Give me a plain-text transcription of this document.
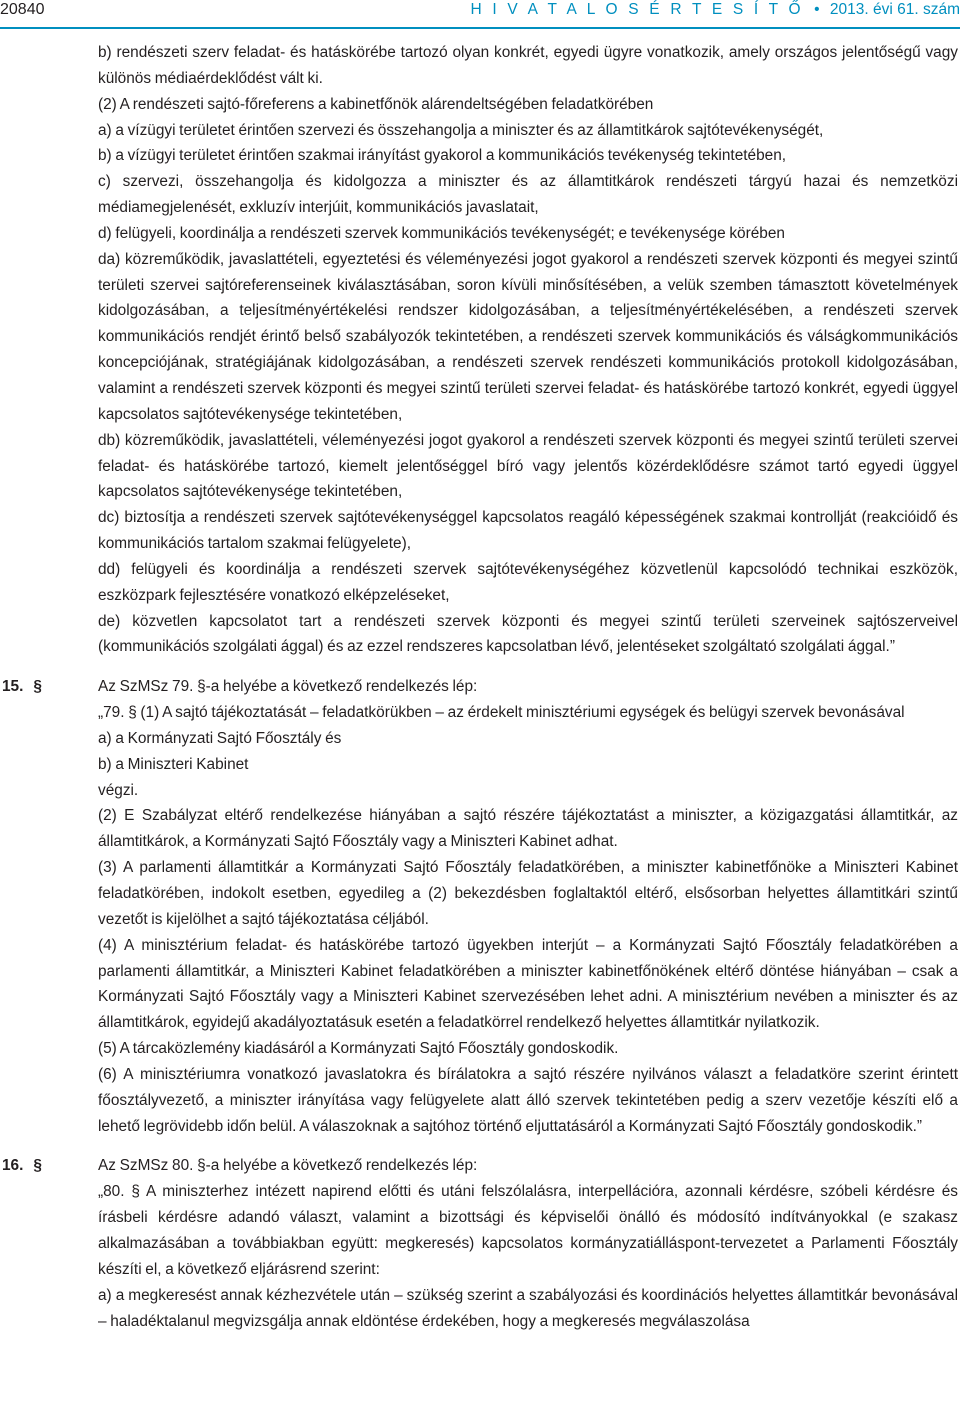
20840	H I V A T A L O S É R T E S Í T Ő • 2013. évi 61. szám

b) rendészeti szerv feladat- és hatáskörébe tartozó olyan konkrét, egyedi ügyre vonatkozik, amely országos jelentőségű vagy különös médiaérdeklődést vált ki.

(2) A rendészeti sajtó-főreferens a kabinetfőnök alárendeltségében feladatkörében

a) a vízügyi területet érintően szervezi és összehangolja a miniszter és az államtitkárok sajtótevékenységét,

b) a vízügyi területet érintően szakmai irányítást gyakorol a kommunikációs tevékenység tekintetében,

c) szervezi, összehangolja és kidolgozza a miniszter és az államtitkárok rendészeti tárgyú hazai és nemzetközi médiamegjelenését, exkluzív interjúit, kommunikációs javaslatait,

d) felügyeli, koordinálja a rendészeti szervek kommunikációs tevékenységét; e tevékenysége körében

da) közreműködik, javaslattételi, egyeztetési és véleményezési jogot gyakorol a rendészeti szervek központi és megyei szintű területi szervei sajtóreferenseinek kiválasztásában, soron kívüli minősítésében, a velük szemben támasztott követelmények kidolgozásában, a teljesítményértékelési rendszer kidolgozásában, a teljesítményértékelésében, a rendészeti szervek kommunikációs rendjét érintő belső szabályozók tekintetében, a rendészeti szervek kommunikációs és válságkommunikációs koncepciójának, stratégiájának kidolgozásában, a rendészeti szervek rendészeti kommunikációs protokoll kidolgozásában, valamint a rendészeti szervek központi és megyei szintű területi szervei feladat- és hatáskörébe tartozó konkrét, egyedi üggyel kapcsolatos sajtótevékenysége tekintetében,

db) közreműködik, javaslattételi, véleményezési jogot gyakorol a rendészeti szervek központi és megyei szintű területi szervei feladat- és hatáskörébe tartozó, kiemelt jelentőséggel bíró vagy jelentős közérdeklődésre számot tartó egyedi üggyel kapcsolatos sajtótevékenysége tekintetében,

dc) biztosítja a rendészeti szervek sajtótevékenységgel kapcsolatos reagáló képességének szakmai kontrollját (reakcióidő és kommunikációs tartalom szakmai felügyelete),

dd) felügyeli és koordinálja a rendészeti szervek sajtótevékenységéhez közvetlenül kapcsolódó technikai eszközök, eszközpark fejlesztésére vonatkozó elképzeléseket,

de) közvetlen kapcsolatot tart a rendészeti szervek központi és megyei szintű területi szerveinek sajtószerveivel (kommunikációs szolgálati ággal) és az ezzel rendszeres kapcsolatban lévő, jelentéseket szolgáltató szolgálati ággal.”

15. §	Az SzMSz 79. §-a helyébe a következő rendelkezés lép:

„79. § (1) A sajtó tájékoztatását – feladatkörükben – az érdekelt minisztériumi egységek és belügyi szervek bevonásával

a) a Kormányzati Sajtó Főosztály és

b) a Miniszteri Kabinet

végzi.

(2) E Szabályzat eltérő rendelkezése hiányában a sajtó részére tájékoztatást a miniszter, a közigazgatási államtitkár, az államtitkárok, a Kormányzati Sajtó Főosztály vagy a Miniszteri Kabinet adhat.

(3) A parlamenti államtitkár a Kormányzati Sajtó Főosztály feladatkörében, a miniszter kabinetfőnöke a Miniszteri Kabinet feladatkörében, indokolt esetben, egyedileg a (2) bekezdésben foglaltaktól eltérő, elsősorban helyettes államtitkári szintű vezetőt is kijelölhet a sajtó tájékoztatása céljából.

(4) A minisztérium feladat- és hatáskörébe tartozó ügyekben interjút – a Kormányzati Sajtó Főosztály feladatkörében a parlamenti államtitkár, a Miniszteri Kabinet feladatkörében a miniszter kabinetfőnökének eltérő döntése hiányában – csak a Kormányzati Sajtó Főosztály vagy a Miniszteri Kabinet szervezésében lehet adni. A minisztérium nevében a miniszter és az államtitkárok, egyidejű akadályoztatásuk esetén a feladatkörrel rendelkező helyettes államtitkár nyilatkozik.

(5) A tárcaközlemény kiadásáról a Kormányzati Sajtó Főosztály gondoskodik.

(6) A minisztériumra vonatkozó javaslatokra és bírálatokra a sajtó részére nyilvános választ a feladatköre szerint érintett főosztályvezető, a miniszter irányítása vagy felügyelete alatt álló szervek tekintetében pedig a szerv vezetője készíti elő a lehető legrövidebb időn belül. A válaszoknak a sajtóhoz történő eljuttatásáról a Kormányzati Sajtó Főosztály gondoskodik.”

16. §	Az SzMSz 80. §-a helyébe a következő rendelkezés lép:

„80. § A miniszterhez intézett napirend előtti és utáni felszólalásra, interpellációra, azonnali kérdésre, szóbeli kérdésre és írásbeli kérdésre adandó választ, valamint a bizottsági és képviselői önálló és módosító indítványokkal (e szakasz alkalmazásában a továbbiakban együtt: megkeresés) kapcsolatos kormányzatiálláspont-tervezetet a Parlamenti Főosztály készíti el, a következő eljárásrend szerint:

a) a megkeresést annak kézhezvétele után – szükség szerint a szabályozási és koordinációs helyettes államtitkár bevonásával – haladéktalanul megvizsgálja annak eldöntése érdekében, hogy a megkeresés megválaszolása
